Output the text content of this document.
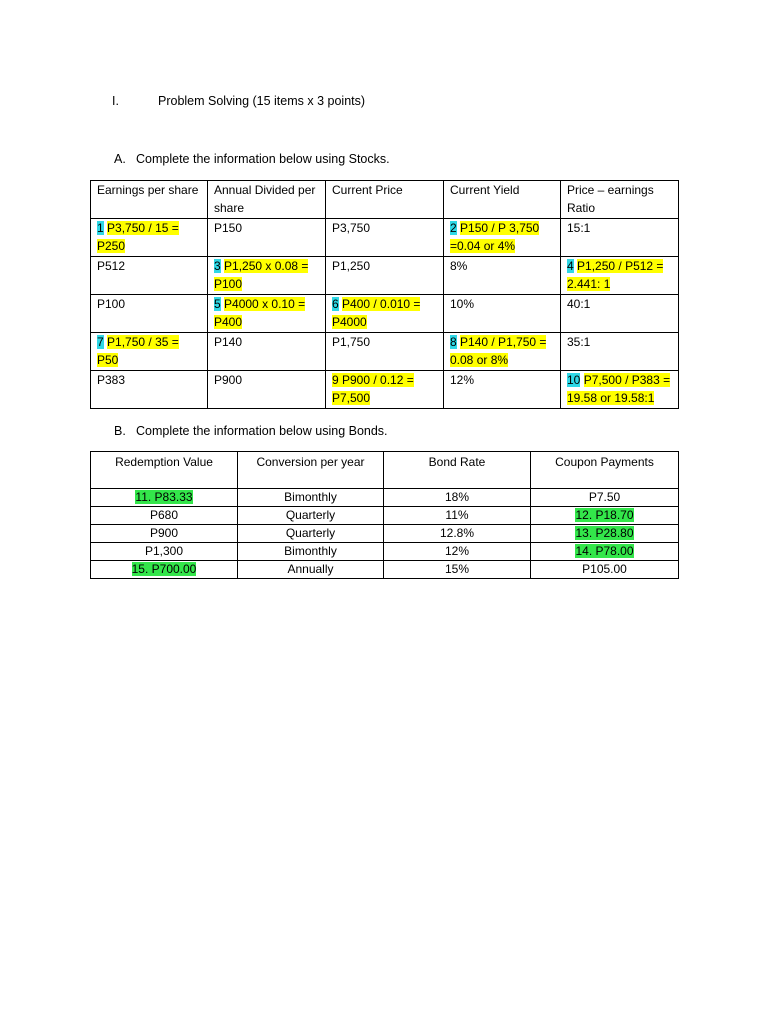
I.	Problem Solving (15 items x 3 points)
A. Complete the information below using Stocks.
Earnings per share	Annual Divided per share	Current Price	Current Yield	Price – earnings Ratio
1 P3,750 / 15 = P250	P150	P3,750	2 P150 / P 3,750 =0.04 or 4%	15:1
P512	3 P1,250 x 0.08 = P100	P1,250	8%	4 P1,250 / P512 = 2.441: 1
P100	5 P4000 x 0.10 = P400	6 P400 / 0.010 = P4000	10%	40:1
7 P1,750 / 35 = P50	P140	P1,750	8 P140 / P1,750 = 0.08 or 8%	35:1
P383	P900	9 P900 / 0.12 = P7,500	12%	10 P7,500 / P383 = 19.58 or 19.58:1
B. Complete the information below using Bonds.
Redemption Value	Conversion per year	Bond Rate	Coupon Payments
11. P83.33	Bimonthly	18%	P7.50
P680	Quarterly	11%	12. P18.70
P900	Quarterly	12.8%	13. P28.80
P1,300	Bimonthly	12%	14. P78.00
15. P700.00	Annually	15%	P105.00
